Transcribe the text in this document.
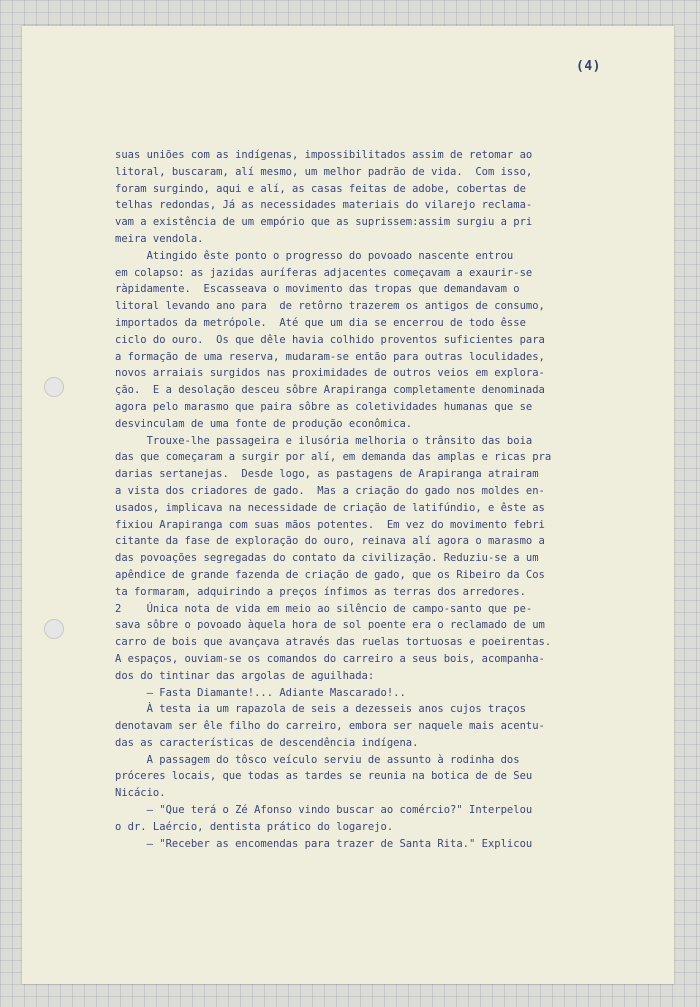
(4)
suas uniões com as indígenas, impossibilitados assim de retomar ao
litoral, buscaram, alí mesmo, um melhor padrão de vida.  Com isso,
foram surgindo, aqui e alí, as casas feitas de adobe, cobertas de
telhas redondas, Já as necessidades materiais do vilarejo reclama-
vam a existência de um empório que as suprissem:assim surgiu a pri
meira vendola.
Atingido êste ponto o progresso do povoado nascente entrou
em colapso: as jazidas auríferas adjacentes começavam a exaurir-se
ràpidamente.  Escasseava o movimento das tropas que demandavam o
litoral levando ano para  de retôrno trazerem os antigos de consumo,
importados da metrópole.  Até que um dia se encerrou de todo êsse
ciclo do ouro.  Os que dêle havia colhido proventos suficientes para
a formação de uma reserva, mudaram-se então para outras loculidades,
novos arraiais surgidos nas proximidades de outros veios em explora-
ção.  E a desolação desceu sôbre Arapiranga completamente denominada
agora pelo marasmo que paira sôbre as coletividades humanas que se
desvinculam de uma fonte de produção econômica.
Trouxe-lhe passageira e ilusória melhoria o trânsito das boia
das que começaram a surgir por alí, em demanda das amplas e ricas pra
darias sertanejas.  Desde logo, as pastagens de Arapiranga atrairam
a vista dos criadores de gado.  Mas a criação do gado nos moldes en-
usados, implicava na necessidade de criação de latifúndio, e êste as
fixiou Arapiranga com suas mãos potentes.  Em vez do movimento febri
citante da fase de exploração do ouro, reinava alí agora o marasmo a
das povoações segregadas do contato da civilização. Reduziu-se a um
apêndice de grande fazenda de criação de gado, que os Ribeiro da Cos
ta formaram, adquirindo a preços ínfimos as terras dos arredores.
2    Única nota de vida em meio ao silêncio de campo-santo que pe-
sava sôbre o povoado àquela hora de sol poente era o reclamado de um
carro de bois que avançava através das ruelas tortuosas e poeirentas.
A espaços, ouviam-se os comandos do carreiro a seus bois, acompanha-
dos do tintinar das argolas de aguilhada:
— Fasta Diamante!... Adiante Mascarado!..
À testa ia um rapazola de seis a dezesseis anos cujos traços
denotavam ser êle filho do carreiro, embora ser naquele mais acentu-
das as características de descendência indígena.
A passagem do tôsco veículo serviu de assunto à rodinha dos
próceres locais, que todas as tardes se reunia na botica de de Seu
Nicácio.
— "Que terá o Zé Afonso vindo buscar ao comércio?" Interpelou
o dr. Laércio, dentista prático do logarejo.
— "Receber as encomendas para trazer de Santa Rita." Explicou
